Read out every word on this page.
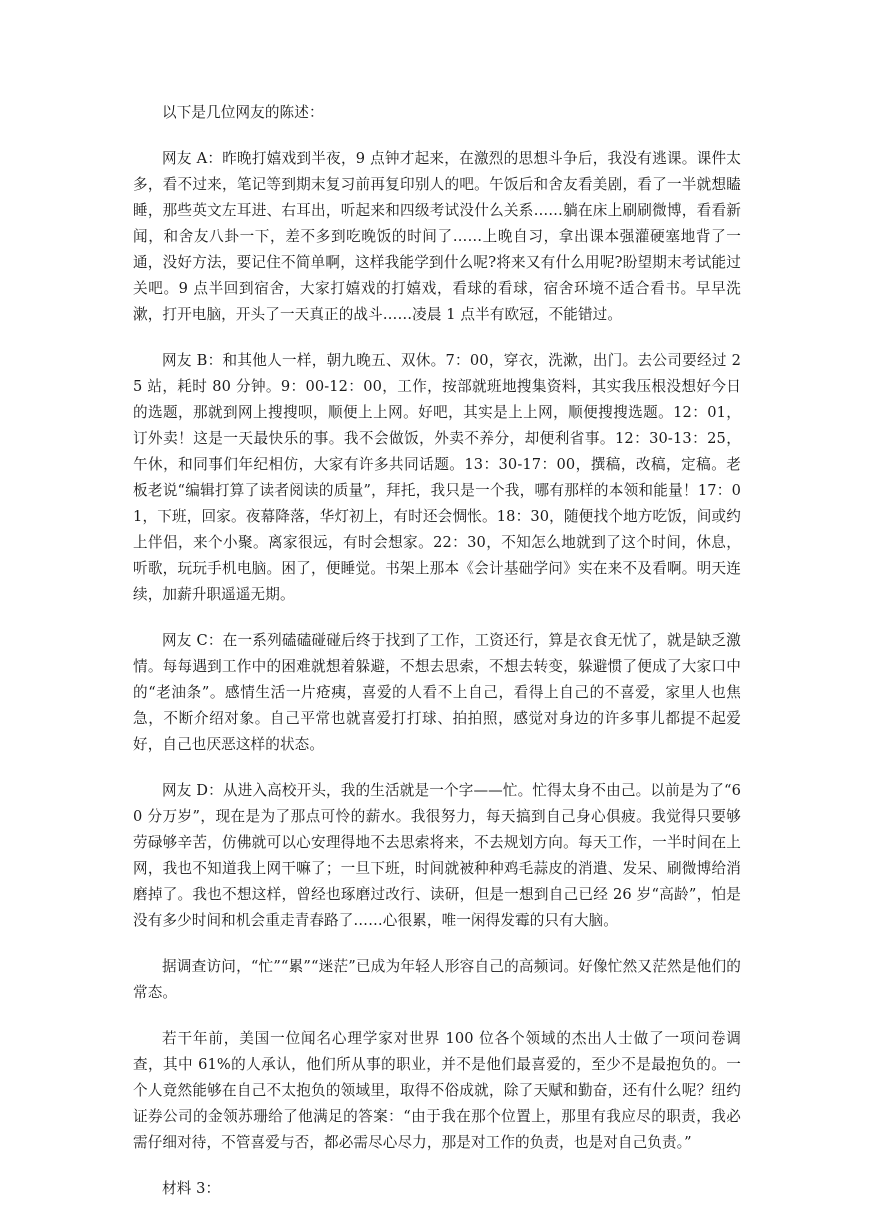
以下是几位网友的陈述：

网友 A：昨晚打嬉戏到半夜，9 点钟才起来，在激烈的思想斗争后，我没有逃课。课件太多，看不过来，笔记等到期末复习前再复印别人的吧。午饭后和舍友看美剧，看了一半就想瞌睡，那些英文左耳进、右耳出，听起来和四级考试没什么关系……躺在床上刷刷微博，看看新闻，和舍友八卦一下，差不多到吃晚饭的时间了……上晚自习，拿出课本强灌硬塞地背了一通，没好方法，要记住不简单啊，这样我能学到什么呢?将来又有什么用呢?盼望期末考试能过关吧。9 点半回到宿舍，大家打嬉戏的打嬉戏，看球的看球，宿舍环境不适合看书。早早洗漱，打开电脑，开头了一天真正的战斗……凌晨 1 点半有欧冠，不能错过。

网友 B：和其他人一样，朝九晚五、双休。7：00，穿衣，洗漱，出门。去公司要经过 25 站，耗时 80 分钟。9：00-12：00，工作，按部就班地搜集资料，其实我压根没想好今日的选题，那就到网上搜搜呗，顺便上上网。好吧，其实是上上网，顺便搜搜选题。12：01，订外卖！这是一天最快乐的事。我不会做饭，外卖不养分，却便利省事。12：30-13：25，午休，和同事们年纪相仿，大家有许多共同话题。13：30-17：00，撰稿，改稿，定稿。老板老说“编辑打算了读者阅读的质量”，拜托，我只是一个我，哪有那样的本领和能量！17：01，下班，回家。夜幕降落，华灯初上，有时还会惆怅。18：30，随便找个地方吃饭，间或约上伴侣，来个小聚。离家很远，有时会想家。22：30，不知怎么地就到了这个时间，休息，听歌，玩玩手机电脑。困了，便睡觉。书架上那本《会计基础学问》实在来不及看啊。明天连续，加薪升职遥遥无期。

网友 C：在一系列磕磕碰碰后终于找到了工作，工资还行，算是衣食无忧了，就是缺乏激情。每每遇到工作中的困难就想着躲避，不想去思索，不想去转变，躲避惯了便成了大家口中的“老油条”。感情生活一片疮痍，喜爱的人看不上自己，看得上自己的不喜爱，家里人也焦急，不断介绍对象。自己平常也就喜爱打打球、拍拍照，感觉对身边的许多事儿都提不起爱好，自己也厌恶这样的状态。

网友 D：从进入高校开头，我的生活就是一个字——忙。忙得太身不由己。以前是为了“60 分万岁”，现在是为了那点可怜的薪水。我很努力，每天搞到自己身心俱疲。我觉得只要够劳碌够辛苦，仿佛就可以心安理得地不去思索将来，不去规划方向。每天工作，一半时间在上网，我也不知道我上网干嘛了；一旦下班，时间就被种种鸡毛蒜皮的消遣、发呆、刷微博给消磨掉了。我也不想这样，曾经也琢磨过改行、读研，但是一想到自己已经 26 岁“高龄”，怕是没有多少时间和机会重走青春路了……心很累，唯一闲得发霉的只有大脑。

据调查访问，“忙”“累”“迷茫”已成为年轻人形容自己的高频词。好像忙然又茫然是他们的常态。

若干年前，美国一位闻名心理学家对世界 100 位各个领域的杰出人士做了一项问卷调查，其中 61%的人承认，他们所从事的职业，并不是他们最喜爱的，至少不是最抱负的。一个人竟然能够在自己不太抱负的领域里，取得不俗成就，除了天赋和勤奋，还有什么呢？纽约证券公司的金领苏珊给了他满足的答案：“由于我在那个位置上，那里有我应尽的职责，我必需仔细对待，不管喜爱与否，都必需尽心尽力，那是对工作的负责，也是对自己负责。”

材料 3：
